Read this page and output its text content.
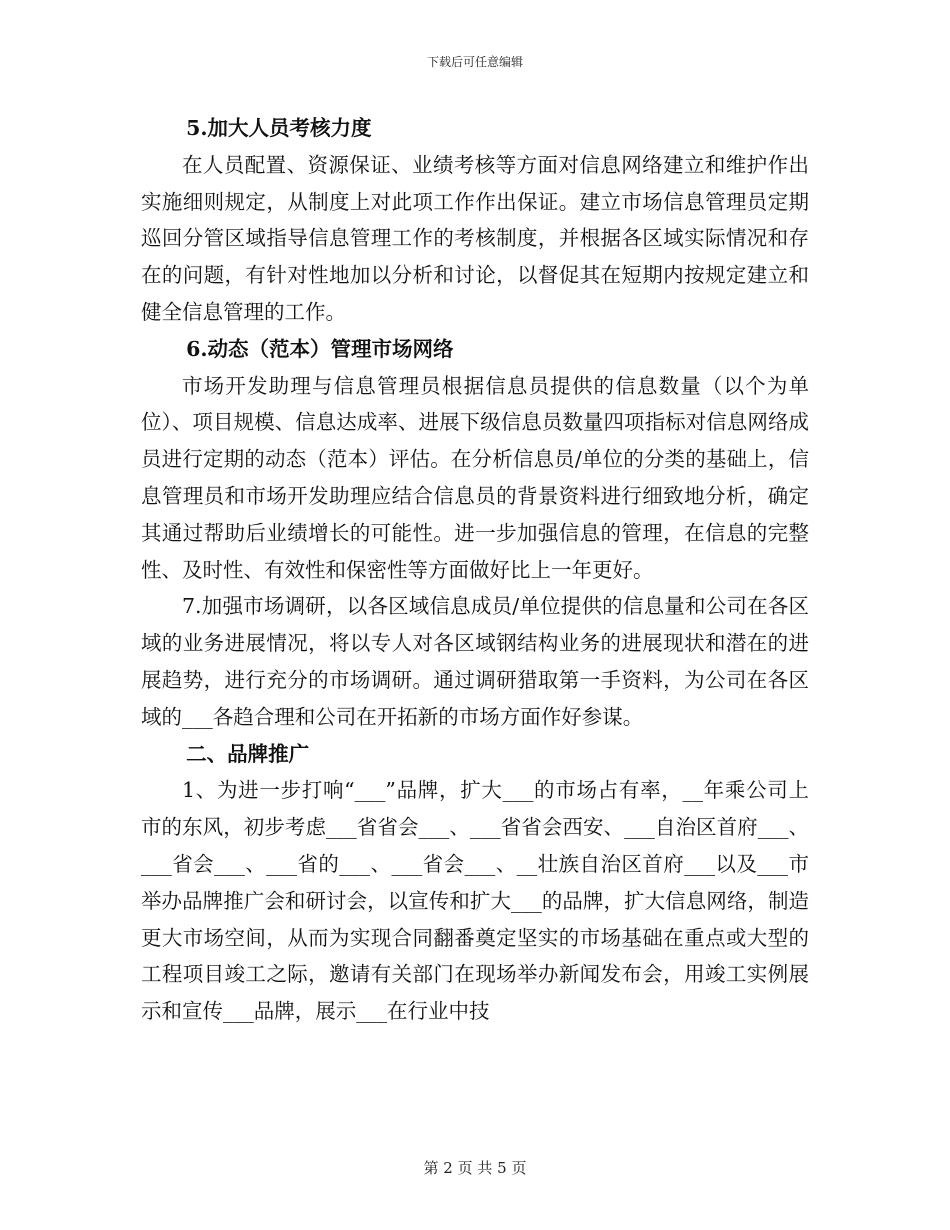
下载后可任意编辑

5.加大人员考核力度

在人员配置、资源保证、业绩考核等方面对信息网络建立和维护作出实施细则规定，从制度上对此项工作作出保证。建立市场信息管理员定期巡回分管区域指导信息管理工作的考核制度，并根据各区域实际情况和存在的问题，有针对性地加以分析和讨论，以督促其在短期内按规定建立和健全信息管理的工作。

6.动态（范本）管理市场网络

市场开发助理与信息管理员根据信息员提供的信息数量（以个为单位）、项目规模、信息达成率、进展下级信息员数量四项指标对信息网络成员进行定期的动态（范本）评估。在分析信息员/单位的分类的基础上，信息管理员和市场开发助理应结合信息员的背景资料进行细致地分析，确定其通过帮助后业绩增长的可能性。进一步加强信息的管理，在信息的完整性、及时性、有效性和保密性等方面做好比上一年更好。

7.加强市场调研，以各区域信息成员/单位提供的信息量和公司在各区域的业务进展情况，将以专人对各区域钢结构业务的进展现状和潜在的进展趋势，进行充分的市场调研。通过调研猎取第一手资料，为公司在各区域的___各趋合理和公司在开拓新的市场方面作好参谋。

二、品牌推广

1、为进一步打响“___”品牌，扩大___的市场占有率，__年乘公司上市的东风，初步考虑___省省会___、___省省会西安、___自治区首府___、___省会___、___省的___、___省会___、__壮族自治区首府___以及___市举办品牌推广会和研讨会，以宣传和扩大___的品牌，扩大信息网络，制造更大市场空间，从而为实现合同翻番奠定坚实的市场基础在重点或大型的工程项目竣工之际，邀请有关部门在现场举办新闻发布会，用竣工实例展示和宣传___品牌，展示___在行业中技

第 2 页 共 5 页
